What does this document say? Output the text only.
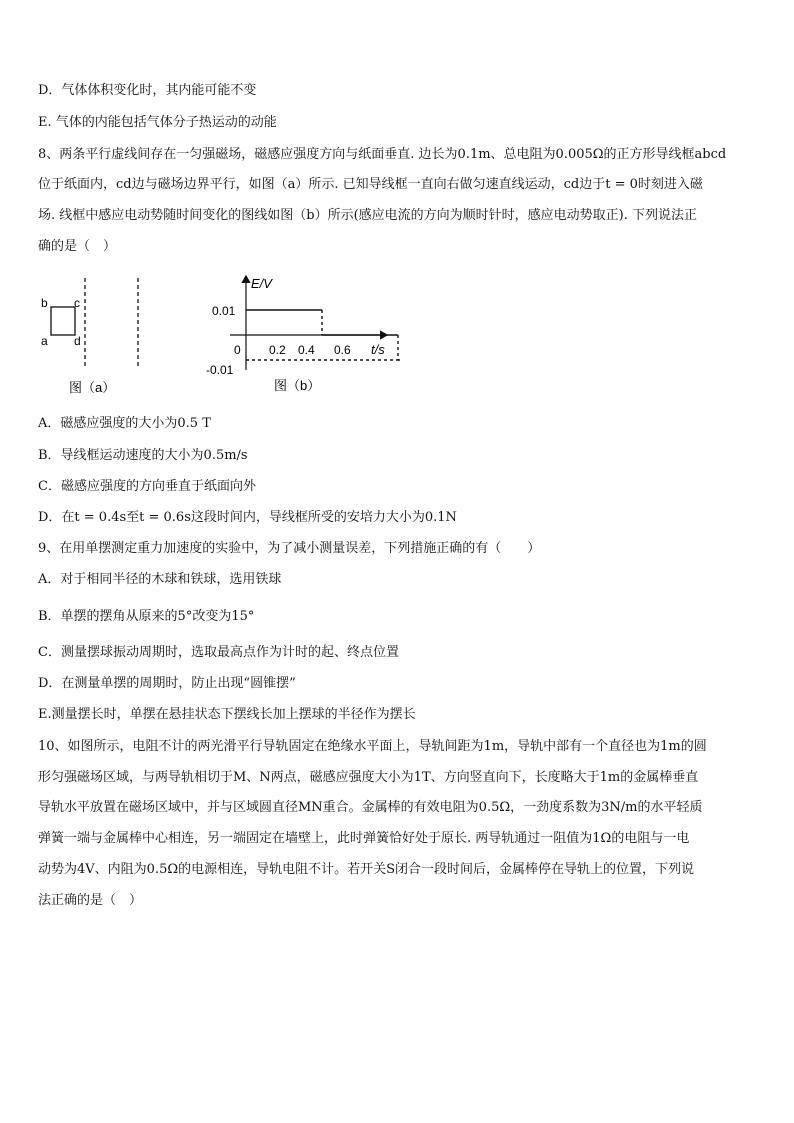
D．气体体积变化时，其内能可能不变
E. 气体的内能包括气体分子热运动的动能
8、两条平行虚线间存在一匀强磁场，磁感应强度方向与纸面垂直. 边长为0.1m、总电阻为0.005Ω的正方形导线框abcd
位于纸面内，cd边与磁场边界平行，如图（a）所示. 已知导线框一直向右做匀速直线运动，cd边于t = 0时刻进入磁
场. 线框中感应电动势随时间变化的图线如图（b）所示(感应电流的方向为顺时针时，感应电动势取正). 下列说法正
确的是（　）
b c
a d
图（a）
E/V
t/s
0.01
-0.01
0 0.2 0.4 0.6
图（b）
A．磁感应强度的大小为0.5 T
B．导线框运动速度的大小为0.5m/s
C．磁感应强度的方向垂直于纸面向外
D．在t = 0.4s至t = 0.6s这段时间内，导线框所受的安培力大小为0.1N
9、在用单摆测定重力加速度的实验中，为了减小测量误差，下列措施正确的有（　　）
A．对于相同半径的木球和铁球，选用铁球
B．单摆的摆角从原来的5°改变为15°
C．测量摆球振动周期时，选取最高点作为计时的起、终点位置
D．在测量单摆的周期时，防止出现“圆锥摆”
E.测量摆长时，单摆在悬挂状态下摆线长加上摆球的半径作为摆长
10、如图所示，电阻不计的两光滑平行导轨固定在绝缘水平面上，导轨间距为1m，导轨中部有一个直径也为1m的圆
形匀强磁场区域，与两导轨相切于M、N两点，磁感应强度大小为1T、方向竖直向下，长度略大于1m的金属棒垂直
导轨水平放置在磁场区域中，并与区域圆直径MN重合。金属棒的有效电阻为0.5Ω，一劲度系数为3N/m的水平轻质
弹簧一端与金属棒中心相连，另一端固定在墙壁上，此时弹簧恰好处于原长. 两导轨通过一阻值为1Ω的电阻与一电
动势为4V、内阻为0.5Ω的电源相连，导轨电阻不计。若开关S闭合一段时间后，金属棒停在导轨上的位置，下列说
法正确的是（　）
